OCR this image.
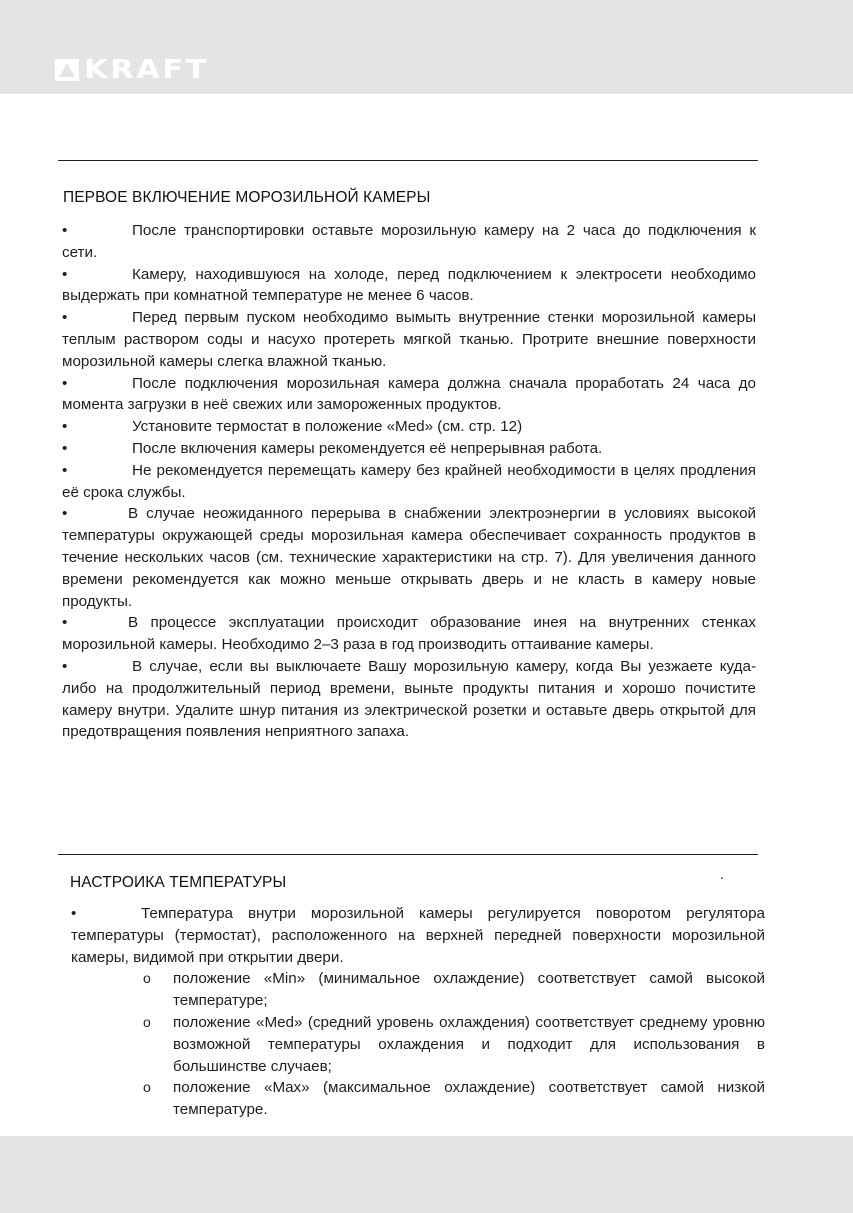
KRAFT
ПЕРВОЕ ВКЛЮЧЕНИЕ МОРОЗИЛЬНОЙ КАМЕРЫ

•	После транспортировки оставьте морозильную камеру на 2 часа до подключения к сети.

•	Камеру, находившуюся на холоде, перед подключением к электросети необходимо выдержать при комнатной температуре не менее 6 часов.

•	Перед первым пуском необходимо вымыть внутренние стенки морозильной камеры теплым раствором соды и насухо протереть мягкой тканью. Протрите внешние поверхности морозильной камеры слегка влажной тканью.

•	После подключения морозильная камера должна сначала проработать 24 часа до момента загрузки в неё свежих или замороженных продуктов.

•	Установите термостат в положение «Med» (см. стр. 12)

•	После включения камеры рекомендуется её непрерывная работа.

•	Не рекомендуется перемещать камеру без крайней необходимости в целях продления её срока службы.

•	В случае неожиданного перерыва в снабжении электроэнергии в условиях высокой температуры окружающей среды морозильная камера обеспечивает сохранность продуктов в течение нескольких часов (см. технические характеристики на стр. 7). Для увеличения данного времени рекомендуется как можно меньше открывать дверь и не класть в камеру новые продукты.

•	В процессе эксплуатации происходит образование инея на внутренних стенках морозильной камеры. Необходимо 2–3 раза в год производить оттаивание камеры.

•	В случае, если вы выключаете Вашу морозильную камеру, когда Вы уезжаете куда-либо на продолжительный период времени, выньте продукты питания и хорошо почистите камеру внутри. Удалите шнур питания из электрической розетки и оставьте дверь открытой для предотвращения появления неприятного запаха.

.
НАСТРОИКА ТЕМПЕРАТУРЫ

•	Температура внутри морозильной камеры регулируется поворотом регулятора температуры (термостат), расположенного на верхней передней поверхности морозильной камеры, видимой при открытии двери.

o положение «Min» (минимальное охлаждение) соответствует самой высокой температуре;

o положение «Med» (средний уровень охлаждения) соответствует среднему уровню возможной температуры охлаждения и подходит для использования в большинстве случаев;

o положение «Max» (максимальное охлаждение) соответствует самой низкой температуре.
